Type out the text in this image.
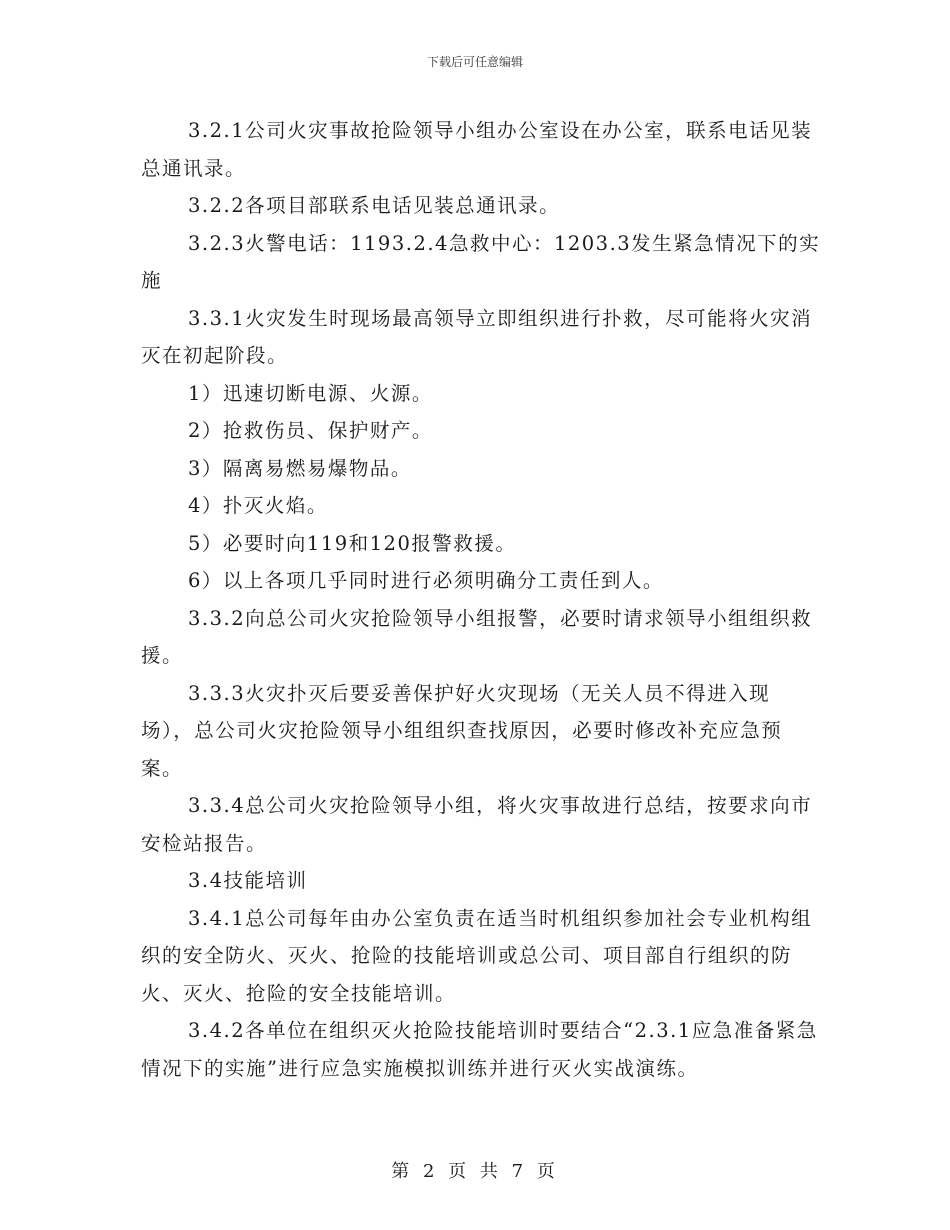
下载后可任意编辑

3.2.1公司火灾事故抢险领导小组办公室设在办公室，联系电话见装总通讯录。

3.2.2各项目部联系电话见装总通讯录。

3.2.3火警电话：1193.2.4急救中心：1203.3发生紧急情况下的实施

3.3.1火灾发生时现场最高领导立即组织进行扑救，尽可能将火灾消灭在初起阶段。

1）迅速切断电源、火源。

2）抢救伤员、保护财产。

3）隔离易燃易爆物品。

4）扑灭火焰。

5）必要时向119和120报警救援。

6）以上各项几乎同时进行必须明确分工责任到人。

3.3.2向总公司火灾抢险领导小组报警，必要时请求领导小组组织救援。

3.3.3火灾扑灭后要妥善保护好火灾现场（无关人员不得进入现场），总公司火灾抢险领导小组组织查找原因，必要时修改补充应急预案。

3.3.4总公司火灾抢险领导小组，将火灾事故进行总结，按要求向市安检站报告。

3.4技能培训

3.4.1总公司每年由办公室负责在适当时机组织参加社会专业机构组织的安全防火、灭火、抢险的技能培训或总公司、项目部自行组织的防火、灭火、抢险的安全技能培训。

3.4.2各单位在组织灭火抢险技能培训时要结合“2.3.1应急准备紧急情况下的实施”进行应急实施模拟训练并进行灭火实战演练。

第 2 页 共 7 页
